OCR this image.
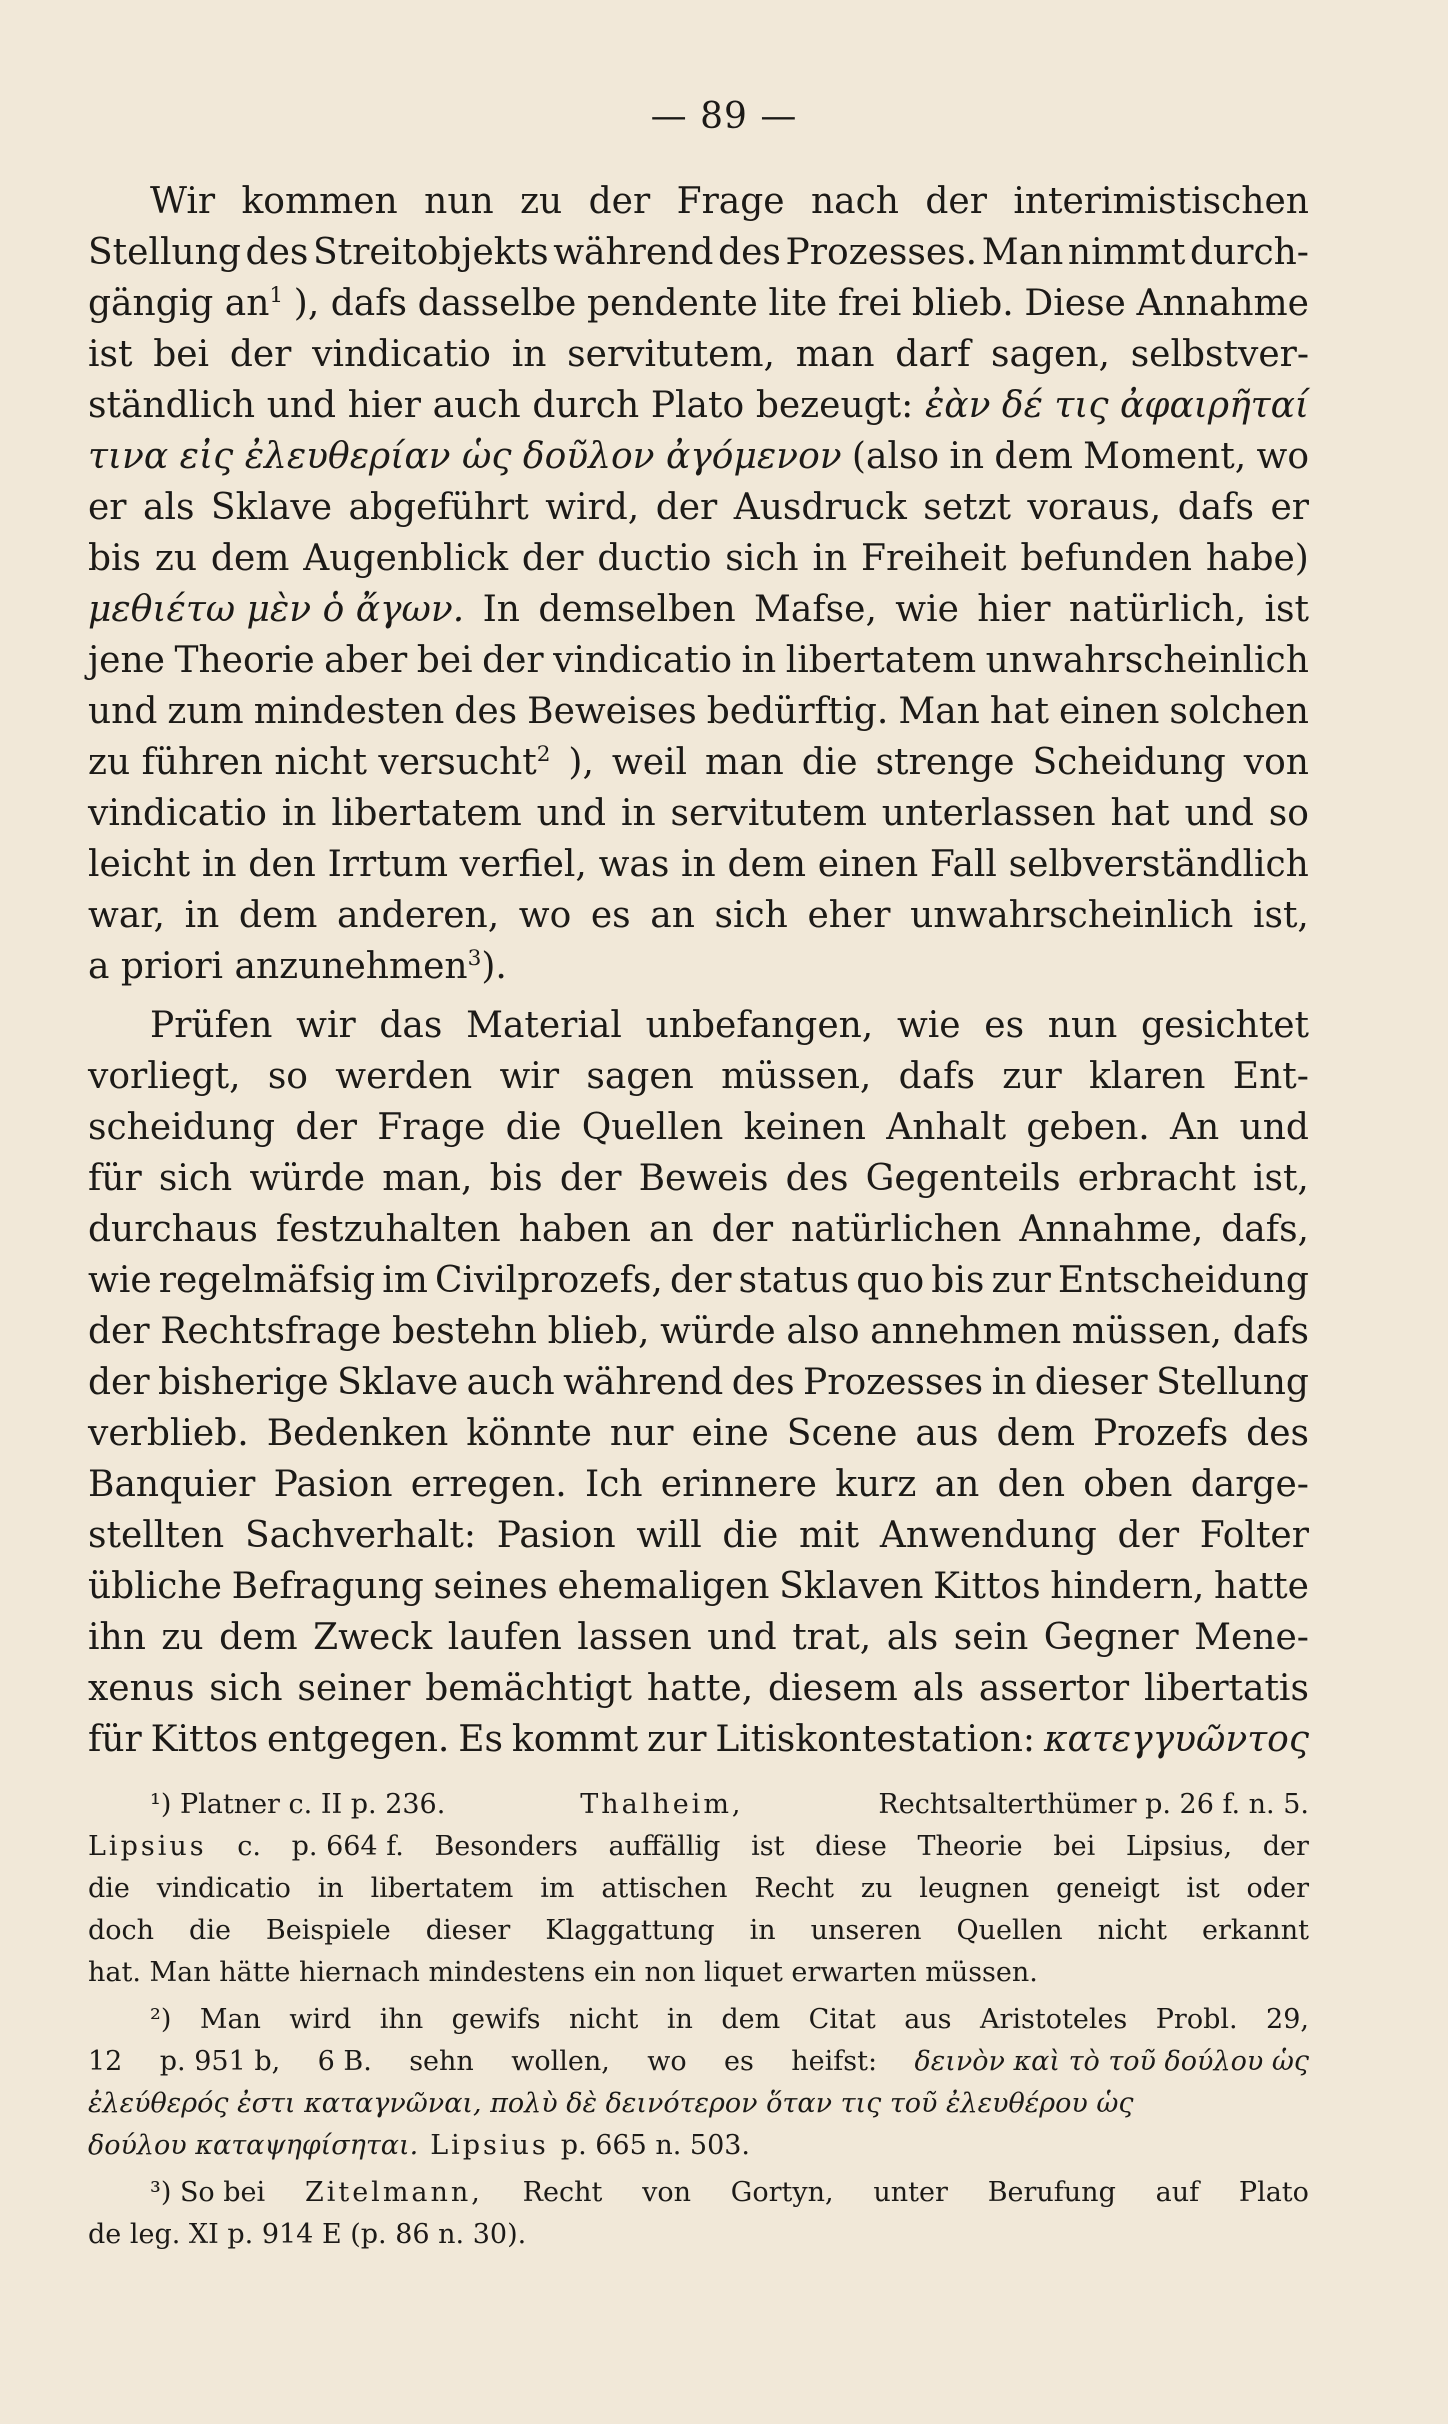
— 89 —
Wir kommen nun zu der Frage nach der interimistischen
Stellung des Streitobjekts während des Prozesses. Man nimmt durch-
gängig $an^1$ ), dafs dasselbe pendente lite frei blieb. Diese Annahme
ist bei der vindicatio in servitutem, man darf sagen, selbstver-
ständlich und hier auch durch Plato bezeugt: ἐὰν δέ τις ἀφαιρῆταί
τινα εἰς ἐλευθερίαν ὡς δοῦλον ἀγόμενον (also in dem Moment, wo
er als Sklave abgeführt wird, der Ausdruck setzt voraus, dafs er
bis zu dem Augenblick der ductio sich in Freiheit befunden habe)
μεθιέτω μὲν ὁ ἄγων. In demselben Mafse, wie hier natürlich, ist
jene Theorie aber bei der vindicatio in libertatem unwahrscheinlich
und zum mindesten des Beweises bedürftig. Man hat einen solchen
zu führen nicht versucht$^2$ ), weil man die strenge Scheidung von
vindicatio in libertatem und in servitutem unterlassen hat und so
leicht in den Irrtum verfiel, was in dem einen Fall selbverständlich
war, in dem anderen, wo es an sich eher unwahrscheinlich ist,
a priori anzunehmen$^3$).
Prüfen wir das Material unbefangen, wie es nun gesichtet
vorliegt, so werden wir sagen müssen, dafs zur klaren Ent-
scheidung der Frage die Quellen keinen Anhalt geben. An und
für sich würde man, bis der Beweis des Gegenteils erbracht ist,
durchaus festzuhalten haben an der natürlichen Annahme, dafs,
wie regelmäfsig im Civilprozefs, der status quo bis zur Entscheidung
der Rechtsfrage bestehn blieb, würde also annehmen müssen, dafs
der bisherige Sklave auch während des Prozesses in dieser Stellung
verblieb. Bedenken könnte nur eine Scene aus dem Prozefs des
Banquier Pasion erregen. Ich erinnere kurz an den oben darge-
stellten Sachverhalt: Pasion will die mit Anwendung der Folter
übliche Befragung seines ehemaligen Sklaven Kittos hindern, hatte
ihn zu dem Zweck laufen lassen und trat, als sein Gegner Mene-
xenus sich seiner bemächtigt hatte, diesem als assertor libertatis
für Kittos entgegen. Es kommt zur Litiskontestation: κατεγγυῶντος
¹) Platner c. II p. 236.	Thalheim,	Rechtsalterthümer p. 26 f. n. 5.
Lipsius c. p. 664 f. Besonders auffällig ist diese Theorie bei Lipsius, der
die vindicatio in libertatem im attischen Recht zu leugnen geneigt ist oder
doch die Beispiele dieser Klaggattung in unseren Quellen nicht erkannt
hat. Man hätte hiernach mindestens ein non liquet erwarten müssen.
²) Man wird ihn gewifs nicht in dem Citat aus Aristoteles Probl. 29,
12 p. 951 b, 6 B. sehn wollen, wo es heifst: δεινὸν καὶ τὸ τοῦ δούλου ὡς
ἐλεύθερός ἐστι καταγνῶναι, πολὺ δὲ δεινότερον ὅταν τις τοῦ ἐλευθέρου ὡς
δούλου καταψηφίσηται. Lipsius p. 665 n. 503.
³) So bei Zitelmann, Recht von Gortyn, unter Berufung auf Plato
de leg. XI p. 914 E (p. 86 n. 30).
